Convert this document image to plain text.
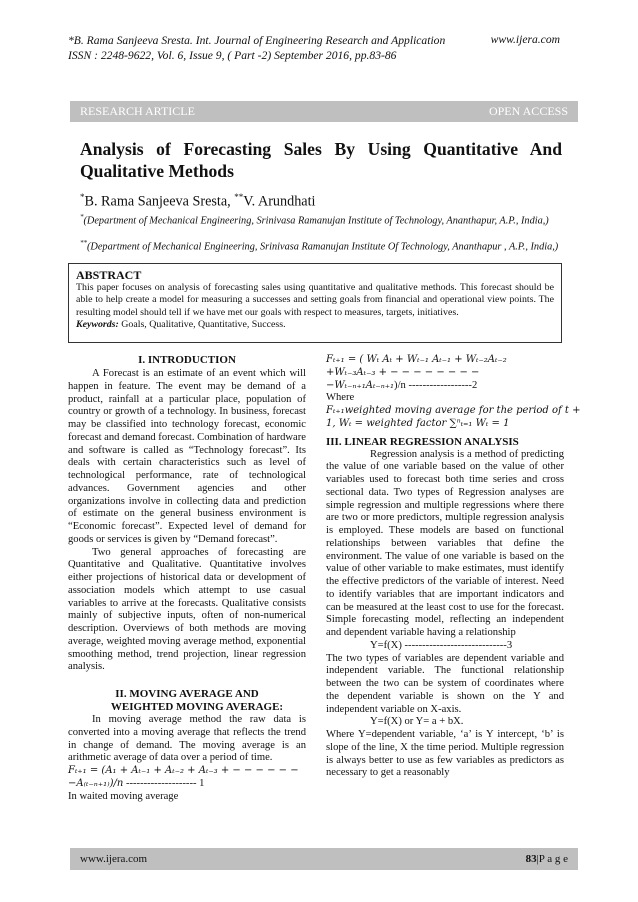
*B. Rama Sanjeeva Sresta. Int. Journal of Engineering Research and Application
ISSN : 2248-9622, Vol. 6, Issue 9, ( Part -2) September 2016, pp.83-86
www.ijera.com
RESEARCH ARTICLE	OPEN ACCESS
Analysis of Forecasting Sales By Using Quantitative And
Qualitative Methods
*B. Rama Sanjeeva Sresta, **V. Arundhati
*(Department of Mechanical Engineering, Srinivasa Ramanujan Institute of Technology, Ananthapur, A.P., India,)
**(Department of Mechanical Engineering, Srinivasa Ramanujan Institute Of Technology, Ananthapur , A.P., India,)
ABSTRACT
This paper focuses on analysis of forecasting sales using quantitative and qualitative methods. This forecast should be able to help create a model for measuring a successes and setting goals from financial and operational view points. The resulting model should tell if we have met our goals with respect to measures, targets, initiatives.
Keywords: Goals, Qualitative, Quantitative, Success.

I. INTRODUCTION

A Forecast is an estimate of an event which will happen in feature. The event may be demand of a product, rainfall at a particular place, population of country or growth of a technology. In business, forecast may be classified into technology forecast, economic forecast and demand forecast. Combination of hardware and software is called as “Technology forecast”. Its deals with certain characteristics such as level of technological performance, rate of technological advances. Government agencies and other organizations involve in collecting data and prediction of estimate on the general business environment is “Economic forecast”. Expected level of demand for goods or services is given by “Demand forecast”.

Two general approaches of forecasting are Quantitative and Qualitative. Quantitative involves either projections of historical data or development of association models which attempt to use casual variables to arrive at the forecasts. Qualitative consists mainly of subjective inputs, often of non-numerical description. Overviews of both methods are moving average, weighted moving average method, exponential smoothing method, trend projection, linear regression analysis.

II. MOVING AVERAGE AND

WEIGHTED MOVING AVERAGE:

In moving average method the raw data is converted into a moving average that reflects the trend in change of demand. The moving average is an arithmetic average of data over a period of time.

Fₜ₊₁ = (A₁ + Aₜ₋₁ + Aₜ₋₂ + Aₜ₋₃ + − − − − − −

−A₍ₜ₋ₙ₊₁₎)/n -------------------- 1

In waited moving average

Fₜ₊₁ = ( Wₜ Aₜ + Wₜ₋₁ Aₜ₋₁ + Wₜ₋₂Aₜ₋₂

+Wₜ₋₃Aₜ₋₃ + − − − − − − − −

−Wₜ₋ₙ₊₁Aₜ₋ₙ₊₁)/n ------------------2

Where

Fₜ₊₁weighted moving average for the period of t +

1, Wₜ = weighted factor ∑ⁿₜ₌₁ Wₜ = 1

III. LINEAR REGRESSION ANALYSIS

Regression analysis is a method of predicting the value of one variable based on the value of other variables used to forecast both time series and cross sectional data. Two types of Regression analyses are simple regression and multiple regressions where there are two or more predictors, multiple regression analysis is employed. These models are based on functional relationships between variables that define the environment. The value of one variable is based on the value of other variable to make estimates, must identify the effective predictors of the variable of interest. Need to identify variables that are important indicators and can be measured at the least cost to use for the forecast. Simple forecasting model, reflecting an independent and dependent variable having a relationship

Y=f(X) -----------------------------3

The two types of variables are dependent variable and independent variable. The functional relationship between the two can be system of coordinates where the dependent variable is shown on the Y and independent variable on X-axis.

Y=f(X) or Y= a + bX.

Where Y=dependent variable, ‘a’ is Y intercept, ‘b’ is slope of the line, X the time period. Multiple regression is always better to use as few variables as predictors as necessary to get a reasonably

www.ijera.com	83|P a g e
